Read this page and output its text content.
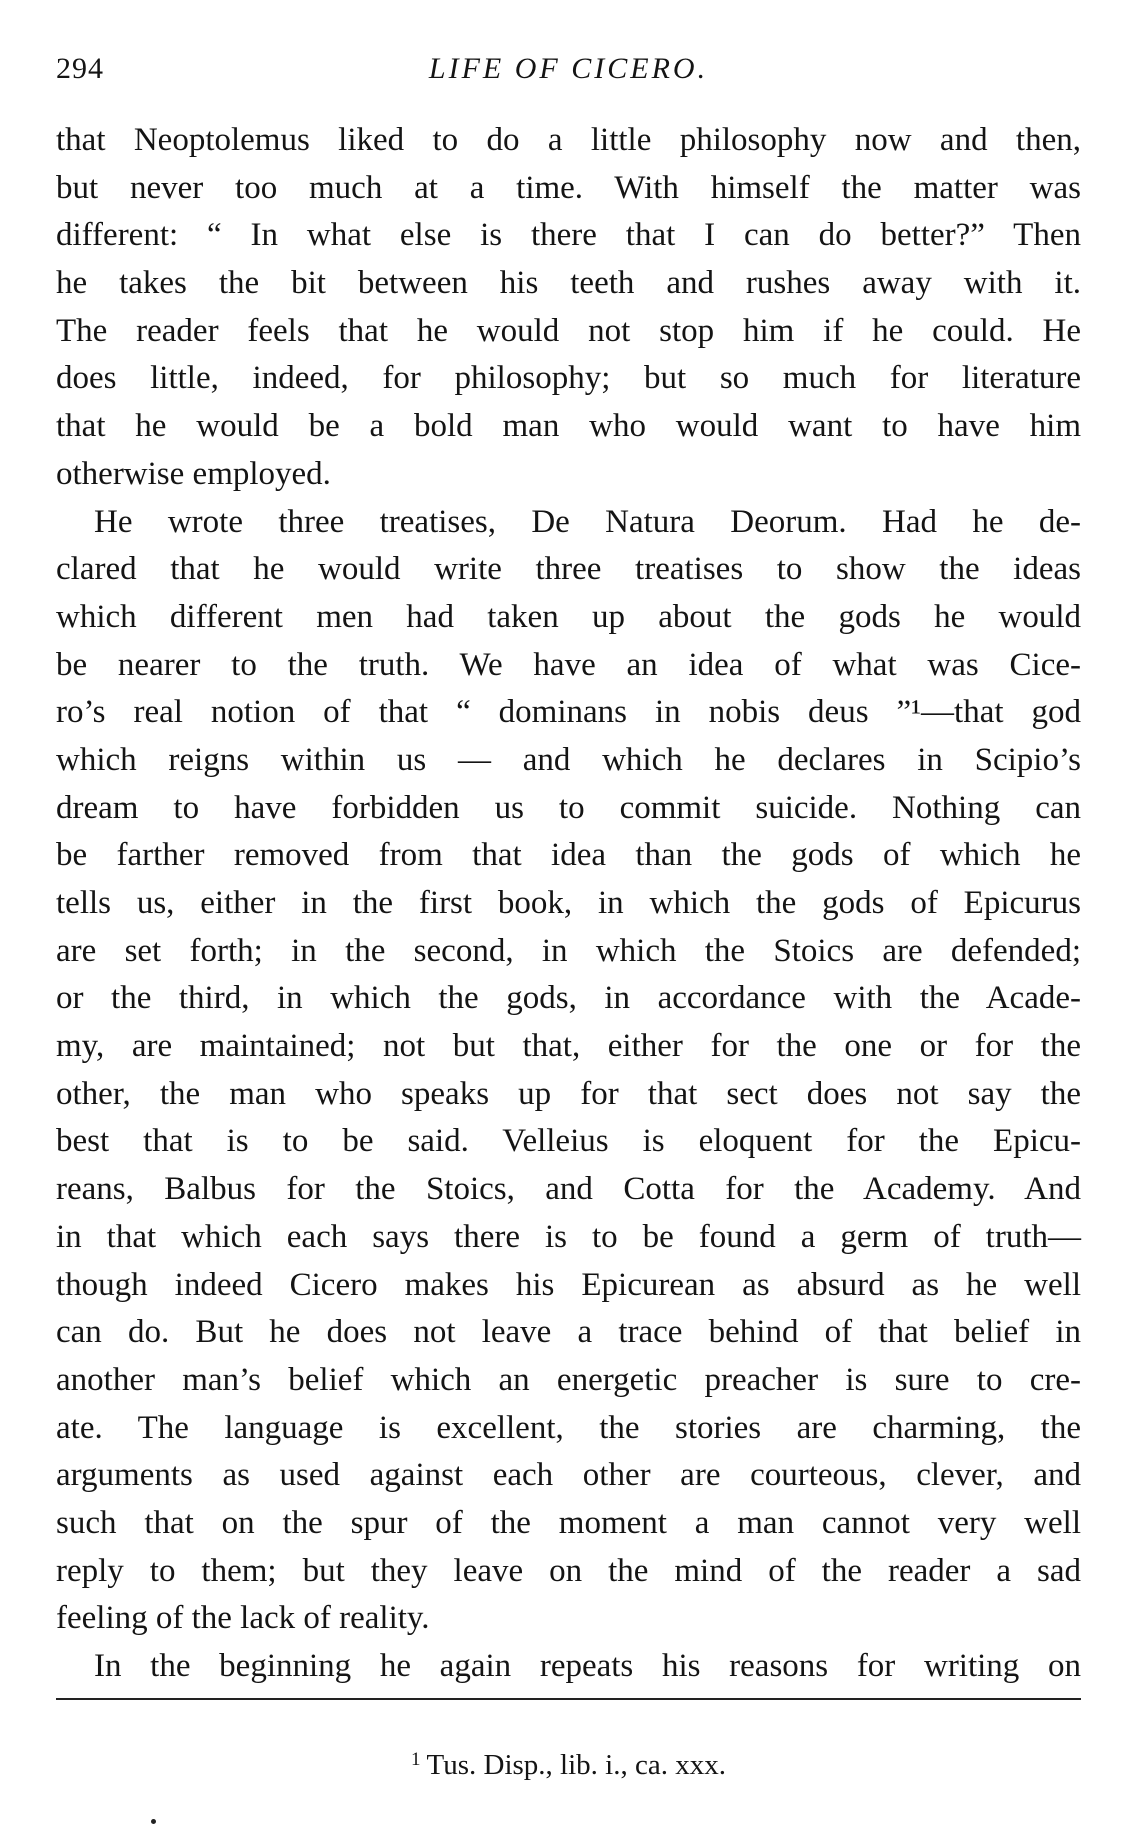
294	LIFE OF CICERO.
that Neoptolemus liked to do a little philosophy now and then,
but never too much at a time. With himself the matter was
different: “ In what else is there that I can do better?” Then
he takes the bit between his teeth and rushes away with it.
The reader feels that he would not stop him if he could. He
does little, indeed, for philosophy; but so much for literature
that he would be a bold man who would want to have him
otherwise employed.
He wrote three treatises, De Natura Deorum. Had he de-
clared that he would write three treatises to show the ideas
which different men had taken up about the gods he would
be nearer to the truth. We have an idea of what was Cice-
ro’s real notion of that “ dominans in nobis deus ”¹—that god
which reigns within us — and which he declares in Scipio’s
dream to have forbidden us to commit suicide. Nothing can
be farther removed from that idea than the gods of which he
tells us, either in the first book, in which the gods of Epicurus
are set forth; in the second, in which the Stoics are defended;
or the third, in which the gods, in accordance with the Acade-
my, are maintained; not but that, either for the one or for the
other, the man who speaks up for that sect does not say the
best that is to be said. Velleius is eloquent for the Epicu-
reans, Balbus for the Stoics, and Cotta for the Academy. And
in that which each says there is to be found a germ of truth—
though indeed Cicero makes his Epicurean as absurd as he well
can do. But he does not leave a trace behind of that belief in
another man’s belief which an energetic preacher is sure to cre-
ate. The language is excellent, the stories are charming, the
arguments as used against each other are courteous, clever, and
such that on the spur of the moment a man cannot very well
reply to them; but they leave on the mind of the reader a sad
feeling of the lack of reality.
In the beginning he again repeats his reasons for writing on
$^1$ Tus. Disp., lib. i., ca. xxx.
